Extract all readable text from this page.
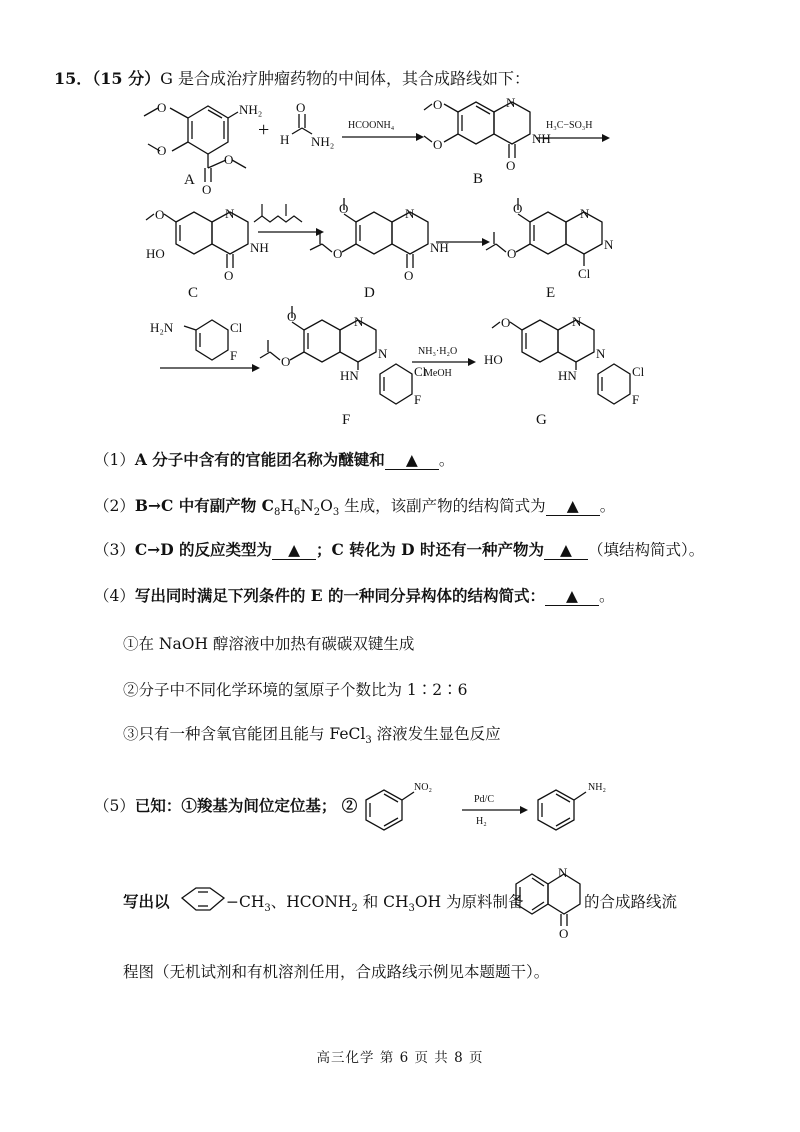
15．（15 分）G 是合成治疗肿瘤药物的中间体，其合成路线如下：
NH₂
O
O
O
O
A
+
O
H NH₂
HCOONH₄
O
O
N
NH
O
B
H₃C−SO₃H
O
HO
N
NH
O
C
O
O
N
NH
O
D
O
O
N
N
Cl
E
H₂N	Cl
F
O
O
N
N
HN	Cl
F
F
NH₃·H₂O
MeOH
O
HO
N
N
HN	Cl
F
G
（1）A 分子中含有的官能团名称为醚键和 ▲ 。
（2）B→C 中有副产物 $C_8H_6N_2O_3$ 生成，该副产物的结构简式为 ▲ 。
（3）C→D 的反应类型为 ▲ ；C 转化为 D 时还有一种产物为 ▲ （填结构简式）。
（4）写出同时满足下列条件的 E 的一种同分异构体的结构简式： ▲ 。
①在 NaOH 醇溶液中加热有碳碳双键生成
②分子中不同化学环境的氢原子个数比为 1∶2∶6
③只有一种含氧官能团且能与 FeCl$_3$ 溶液发生显色反应
（5）已知：①羧基为间位定位基； ②
NO₂
Pd/C
H₂
NH₂
写出以	$-CH_3$、$HCONH_2$ 和 $CH_3OH$ 为原料制备
N
O
的合成路线流
程图（无机试剂和有机溶剂任用，合成路线示例见本题题干）。
高三化学 第 6 页 共 8 页
